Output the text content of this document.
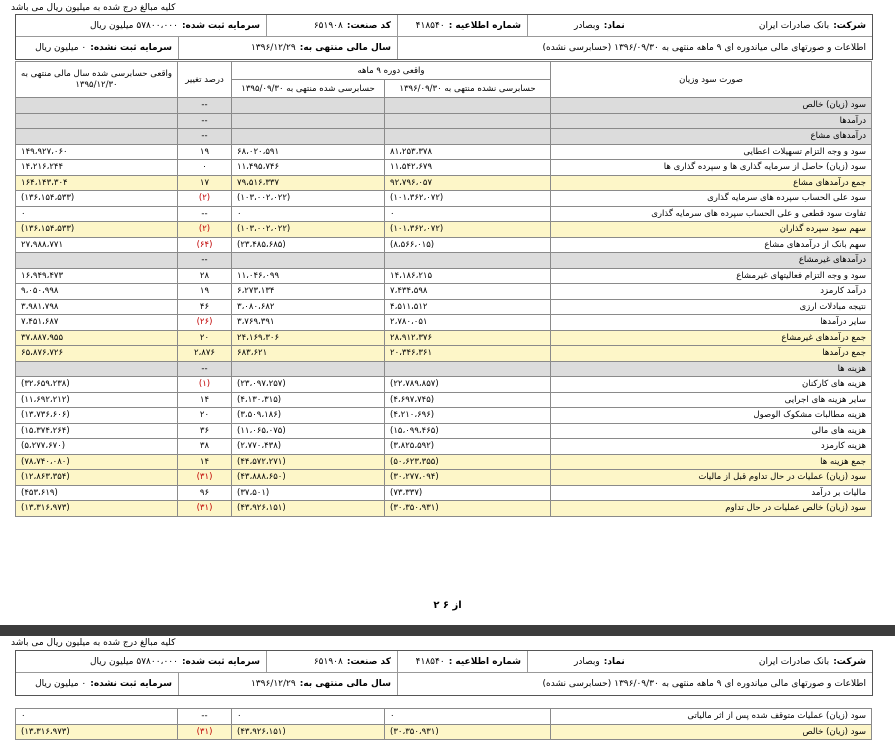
کلیه مبالغ درج شده به میلیون ریال می باشد
شرکت:
بانک صادرات ایران
نماد:
وبصادر
شماره اطلاعیه :
۴۱۸۵۴۰
کد صنعت:
۶۵۱۹۰۸
سرمایه ثبت شده:
۵۷۸۰۰،۰۰۰ میلیون ریال
اطلاعات و صورتهای مالی میاندوره ای ۹ ماهه منتهی به ۱۳۹۶/۰۹/۳۰ (حسابرسی نشده)
سال مالی منتهی به:
۱۳۹۶/۱۲/۲۹
سرمایه ثبت نشده:
۰ میلیون ریال
صورت سود وزیان	واقعی دوره ۹ ماهه		درصد تغییر	واقعی حسابرسی شده سال مالی منتهی به ۱۳۹۵/۱۲/۳۰
	حسابرسی نشده منتهی به ۱۳۹۶/۰۹/۳۰	حسابرسی شده منتهی به ۱۳۹۵/۰۹/۳۰		
سود (زیان) خالص			--	
درآمدها			--	
درآمدهای مشاع			--	
سود و وجه التزام تسهیلات اعطایی	۸۱،۲۵۳،۳۷۸	۶۸،۰۲۰،۵۹۱	۱۹	۱۴۹،۹۲۷،۰۶۰
سود (زیان) حاصل از سرمایه گذاری ها و سپرده گذاری ها	۱۱،۵۴۲،۶۷۹	۱۱،۴۹۵،۷۴۶	۰	۱۴،۲۱۶،۲۴۴
جمع درآمدهای مشاع	۹۲،۷۹۶،۰۵۷	۷۹،۵۱۶،۳۳۷	۱۷	۱۶۴،۱۴۳،۳۰۴
سود علی الحساب سپرده های سرمایه گذاری	(۱۰۱،۳۶۲،۰۷۲)	(۱۰۳،۰۰۲،۰۲۲)	(۲)	(۱۳۶،۱۵۴،۵۳۳)
تفاوت سود قطعی و علی الحساب سپرده های سرمایه گذاری	۰	۰	--	۰
سهم سود سپرده گذاران	(۱۰۱،۳۶۲،۰۷۲)	(۱۰۳،۰۰۲،۰۲۲)	(۲)	(۱۳۶،۱۵۴،۵۳۳)
سهم بانک از درآمدهای مشاع	(۸،۵۶۶،۰۱۵)	(۲۳،۴۸۵،۶۸۵)	(۶۴)	۲۷،۹۸۸،۷۷۱
درآمدهای غیرمشاع			--	
سود و وجه التزام فعالیتهای غیرمشاع	۱۴،۱۸۶،۲۱۵	۱۱،۰۴۶،۰۹۹	۲۸	۱۶،۹۴۹،۴۷۳
درآمد کارمزد	۷،۴۳۴،۵۹۸	۶،۲۷۳،۱۳۴	۱۹	۹،۰۵۰،۹۹۸
نتیجه مبادلات ارزی	۴،۵۱۱،۵۱۲	۳،۰۸۰،۶۸۲	۴۶	۳،۹۸۱،۷۹۸
سایر درآمدها	۲،۷۸۰،۰۵۱	۳،۷۶۹،۳۹۱	(۲۶)	۷،۴۵۱،۶۸۷
جمع درآمدهای غیرمشاع	۲۸،۹۱۲،۳۷۶	۲۴،۱۶۹،۳۰۶	۲۰	۳۷،۸۸۷،۹۵۵
جمع درآمدها	۲۰،۳۴۶،۳۶۱	۶۸۳،۶۲۱	۲،۸۷۶	۶۵،۸۷۶،۷۲۶
هزینه ها			--	
هزینه های کارکنان	(۲۲،۷۸۹،۸۵۷)	(۲۳،۰۹۷،۲۵۷)	(۱)	(۳۲،۶۵۹،۲۳۸)
سایر هزینه های اجرایی	(۴،۶۹۷،۷۴۵)	(۴،۱۳۰،۳۱۵)	۱۴	(۱۱،۶۹۲،۲۱۲)
هزینه مطالبات مشکوک الوصول	(۴،۲۱۰،۶۹۶)	(۳،۵۰۹،۱۸۶)	۲۰	(۱۳،۷۳۶،۶۰۶)
هزینه های مالی	(۱۵،۰۹۹،۴۶۵)	(۱۱،۰۶۵،۰۷۵)	۳۶	(۱۵،۳۷۴،۲۶۴)
هزینه کارمزد	(۳،۸۲۵،۵۹۲)	(۲،۷۷۰،۴۳۸)	۳۸	(۵،۲۷۷،۶۷۰)
جمع هزینه ها	(۵۰،۶۲۳،۳۵۵)	(۴۴،۵۷۲،۲۷۱)	۱۴	(۷۸،۷۴۰،۰۸۰)
سود (زیان) عملیات در حال تداوم قبل از مالیات	(۳۰،۲۷۷،۰۹۴)	(۴۳،۸۸۸،۶۵۰)	(۳۱)	(۱۲،۸۶۳،۳۵۴)
مالیات بر درآمد	(۷۳،۳۳۷)	(۳۷،۵۰۱)	۹۶	(۴۵۳،۶۱۹)
سود (زیان) خالص عملیات در حال تداوم	(۳۰،۳۵۰،۹۳۱)	(۴۳،۹۲۶،۱۵۱)	(۳۱)	(۱۳،۳۱۶،۹۷۳)
۲ از ۶
کلیه مبالغ درج شده به میلیون ریال می باشد
شرکت:
بانک صادرات ایران
نماد:
وبصادر
شماره اطلاعیه :
۴۱۸۵۴۰
کد صنعت:
۶۵۱۹۰۸
سرمایه ثبت شده:
۵۷۸۰۰،۰۰۰ میلیون ریال
اطلاعات و صورتهای مالی میاندوره ای ۹ ماهه منتهی به ۱۳۹۶/۰۹/۳۰ (حسابرسی نشده)
سال مالی منتهی به:
۱۳۹۶/۱۲/۲۹
سرمایه ثبت نشده:
۰ میلیون ریال
سود (زیان) عملیات متوقف شده پس از اثر مالیاتی	۰	۰	--	۰
سود (زیان) خالص	(۳۰،۳۵۰،۹۳۱)	(۴۳،۹۲۶،۱۵۱)	(۳۱)	(۱۳،۳۱۶،۹۷۳)
